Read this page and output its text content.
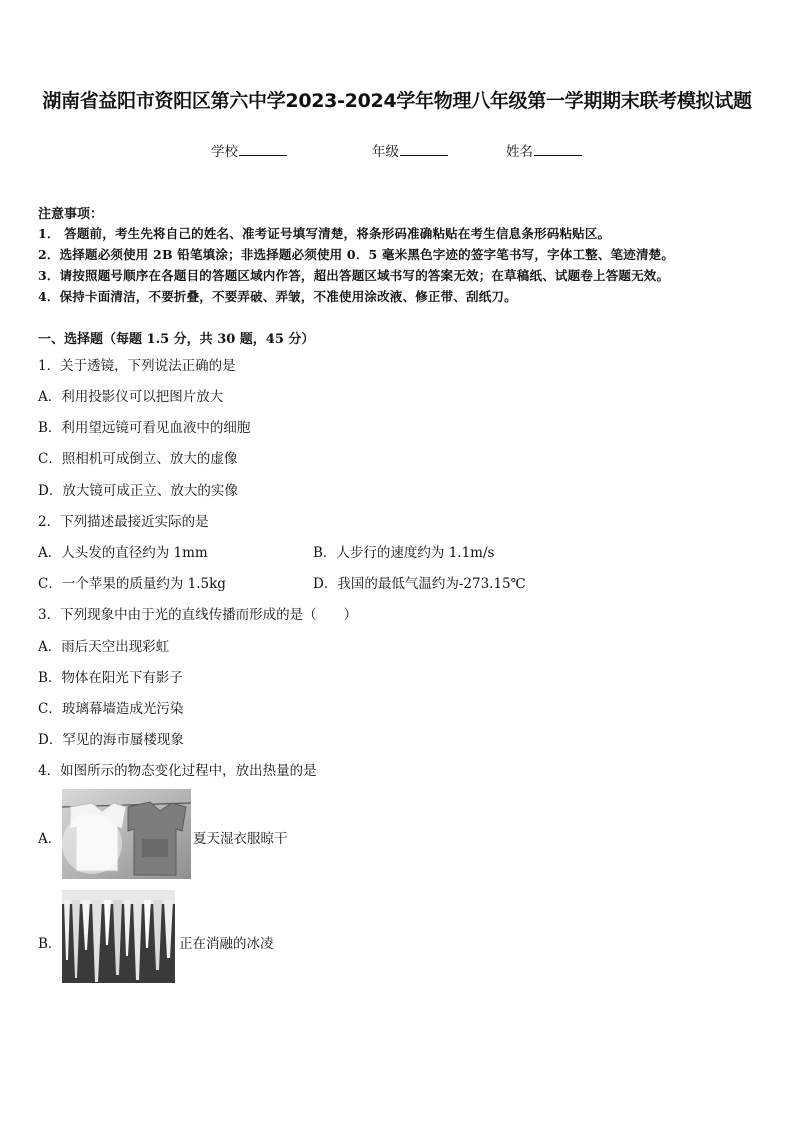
湖南省益阳市资阳区第六中学2023-2024学年物理八年级第一学期期末联考模拟试题
学校	年级	姓名
注意事项：
1． 答题前，考生先将自己的姓名、准考证号填写清楚，将条形码准确粘贴在考生信息条形码粘贴区。
2．选择题必须使用 2B 铅笔填涂；非选择题必须使用 0．5 毫米黑色字迹的签字笔书写，字体工整、笔迹清楚。
3．请按照题号顺序在各题目的答题区域内作答，超出答题区域书写的答案无效；在草稿纸、试题卷上答题无效。
4．保持卡面清洁，不要折叠，不要弄破、弄皱，不准使用涂改液、修正带、刮纸刀。
一、选择题（每题 1.5 分，共 30 题，45 分）
1．关于透镜，下列说法正确的是
A．利用投影仪可以把图片放大
B．利用望远镜可看见血液中的细胞
C．照相机可成倒立、放大的虚像
D．放大镜可成正立、放大的实像
2．下列描述最接近实际的是
A．人头发的直径约为 1mm	B．人步行的速度约为 1.1m/s
C．一个苹果的质量约为 1.5kg	D．我国的最低气温约为-273.15℃
3．下列现象中由于光的直线传播而形成的是（　　）
A．雨后天空出现彩虹
B．物体在阳光下有影子
C．玻璃幕墙造成光污染
D．罕见的海市蜃楼现象
4．如图所示的物态变化过程中，放出热量的是
A．	夏天湿衣服晾干
B．	正在消融的冰凌
